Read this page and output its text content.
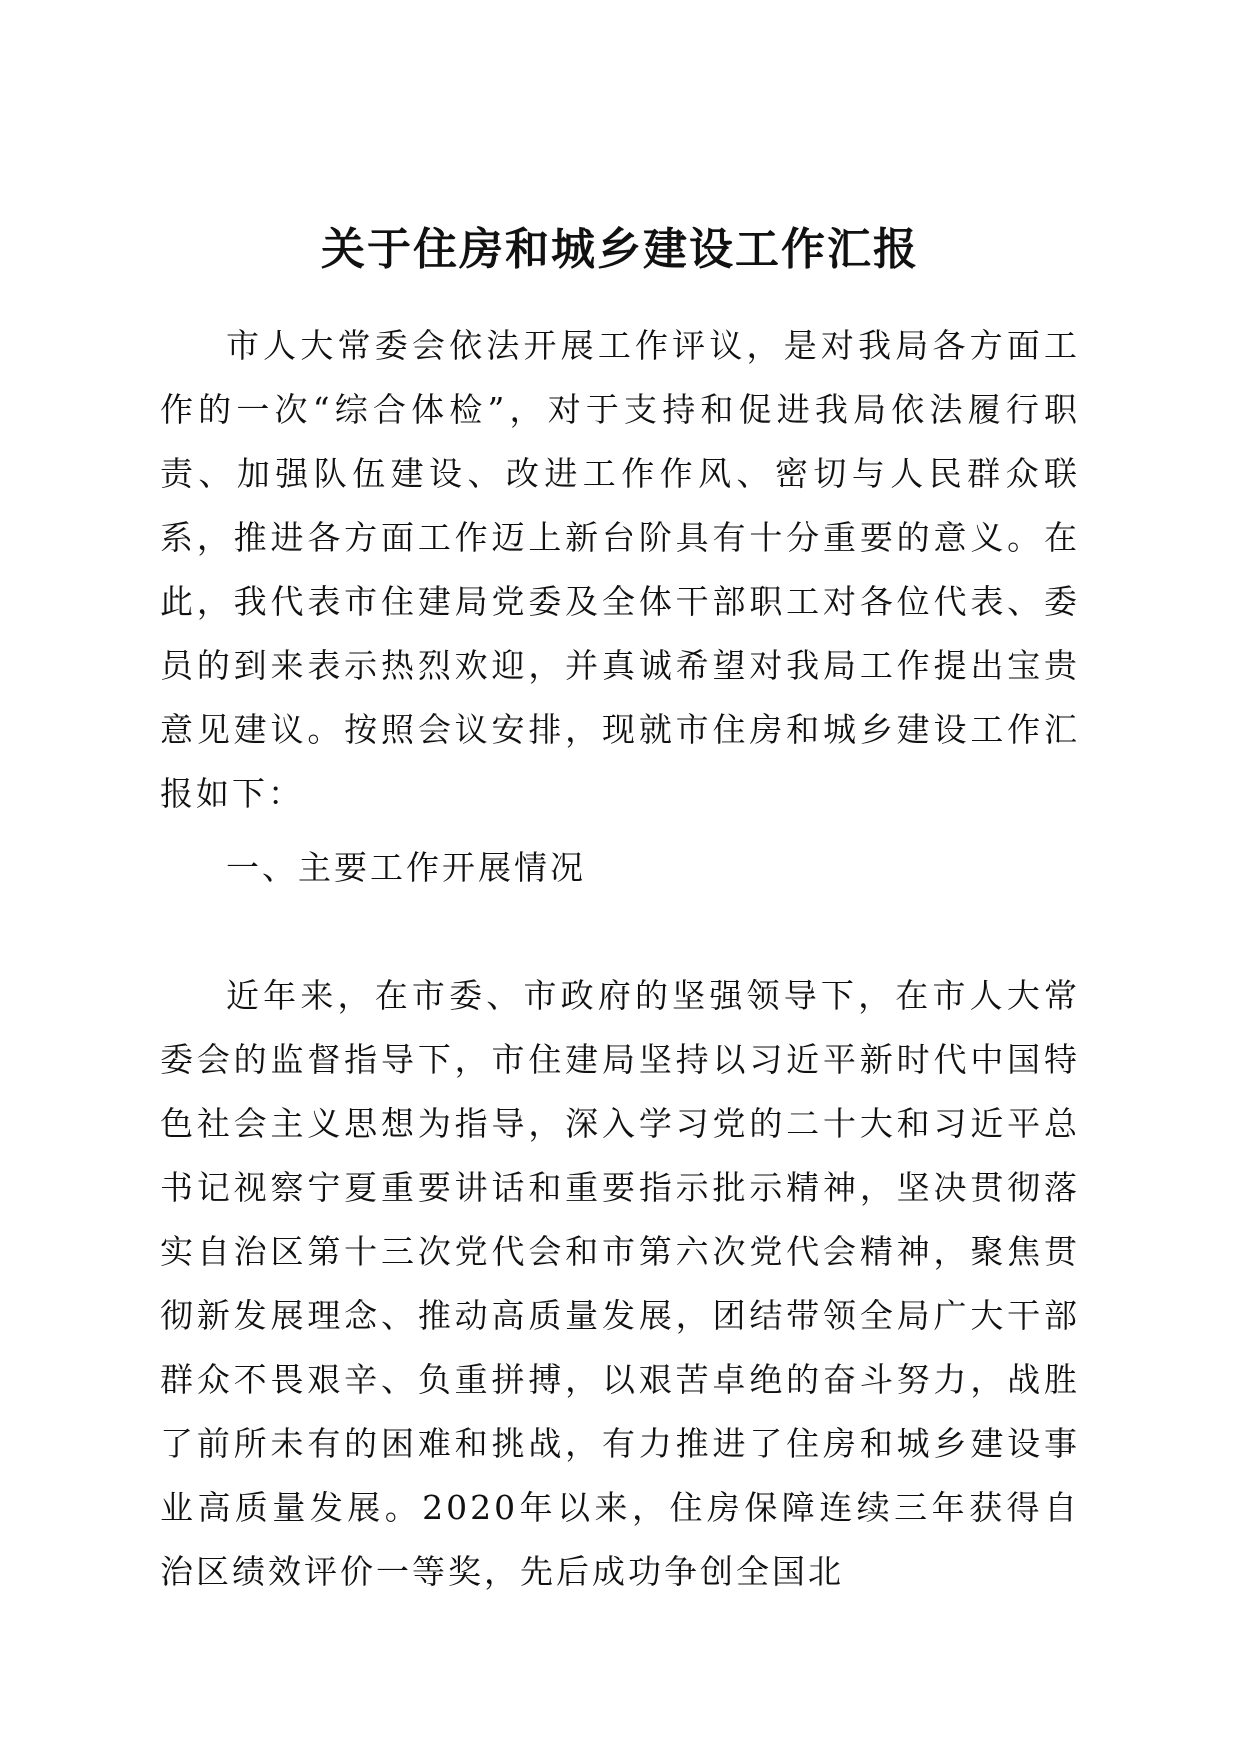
关于住房和城乡建设工作汇报

市人大常委会依法开展工作评议，是对我局各方面工作的一次“综合体检”，对于支持和促进我局依法履行职责、加强队伍建设、改进工作作风、密切与人民群众联系，推进各方面工作迈上新台阶具有十分重要的意义。在此，我代表市住建局党委及全体干部职工对各位代表、委员的到来表示热烈欢迎，并真诚希望对我局工作提出宝贵意见建议。按照会议安排，现就市住房和城乡建设工作汇报如下：

一、主要工作开展情况

近年来，在市委、市政府的坚强领导下，在市人大常委会的监督指导下，市住建局坚持以习近平新时代中国特色社会主义思想为指导，深入学习党的二十大和习近平总书记视察宁夏重要讲话和重要指示批示精神，坚决贯彻落实自治区第十三次党代会和市第六次党代会精神，聚焦贯彻新发展理念、推动高质量发展，团结带领全局广大干部群众不畏艰辛、负重拼搏，以艰苦卓绝的奋斗努力，战胜了前所未有的困难和挑战，有力推进了住房和城乡建设事业高质量发展。2020年以来，住房保障连续三年获得自治区绩效评价一等奖，先后成功争创全国北
